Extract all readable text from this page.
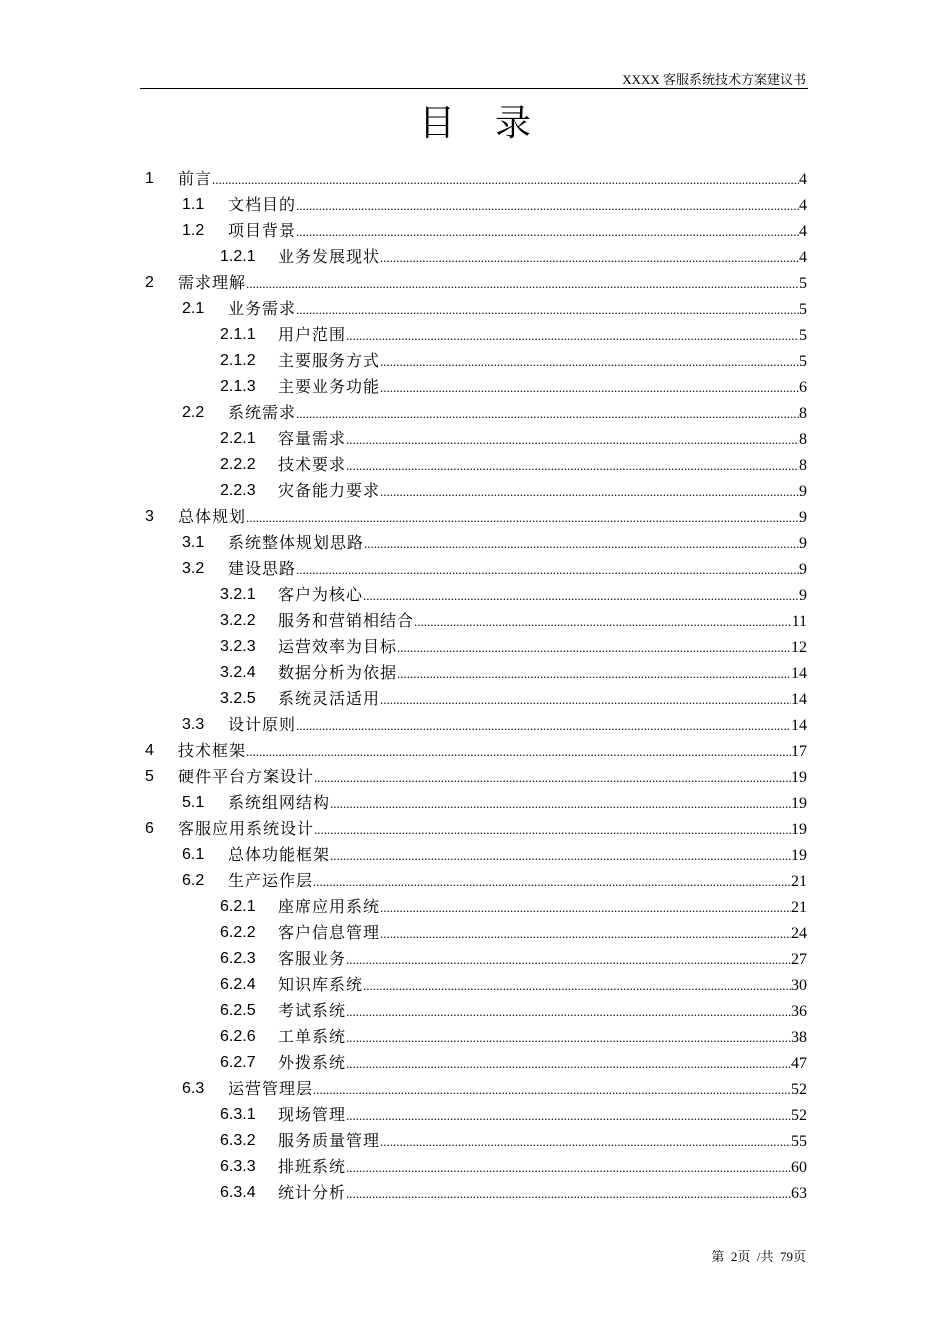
XXXX 客服系统技术方案建议书
目录
1 前言 .....	4
1.1 文档目的 .....	4
1.2 项目背景 .....	4
1.2.1 业务发展现状 .....	4
2 需求理解 .....	5
2.1 业务需求 .....	5
2.1.1 用户范围 .....	5
2.1.2 主要服务方式 .....	5
2.1.3 主要业务功能 .....	6
2.2 系统需求 .....	8
2.2.1 容量需求 .....	8
2.2.2 技术要求 .....	8
2.2.3 灾备能力要求 .....	9
3 总体规划 .....	9
3.1 系统整体规划思路 .....	9
3.2 建设思路 .....	9
3.2.1 客户为核心 .....	9
3.2.2 服务和营销相结合 .....	11
3.2.3 运营效率为目标 .....	12
3.2.4 数据分析为依据 .....	14
3.2.5 系统灵活适用 .....	14
3.3 设计原则 .....	14
4 技术框架 .....	17
5 硬件平台方案设计 .....	19
5.1 系统组网结构 .....	19
6 客服应用系统设计 .....	19
6.1 总体功能框架 .....	19
6.2 生产运作层 .....	21
6.2.1 座席应用系统 .....	21
6.2.2 客户信息管理 .....	24
6.2.3 客服业务 .....	27
6.2.4 知识库系统 .....	30
6.2.5 考试系统 .....	36
6.2.6 工单系统 .....	38
6.2.7 外拨系统 .....	47
6.3 运营管理层 .....	52
6.3.1 现场管理 .....	52
6.3.2 服务质量管理 .....	55
6.3.3 排班系统 .....	60
6.3.4 统计分析 .....	63
第  2页  /共  79页
